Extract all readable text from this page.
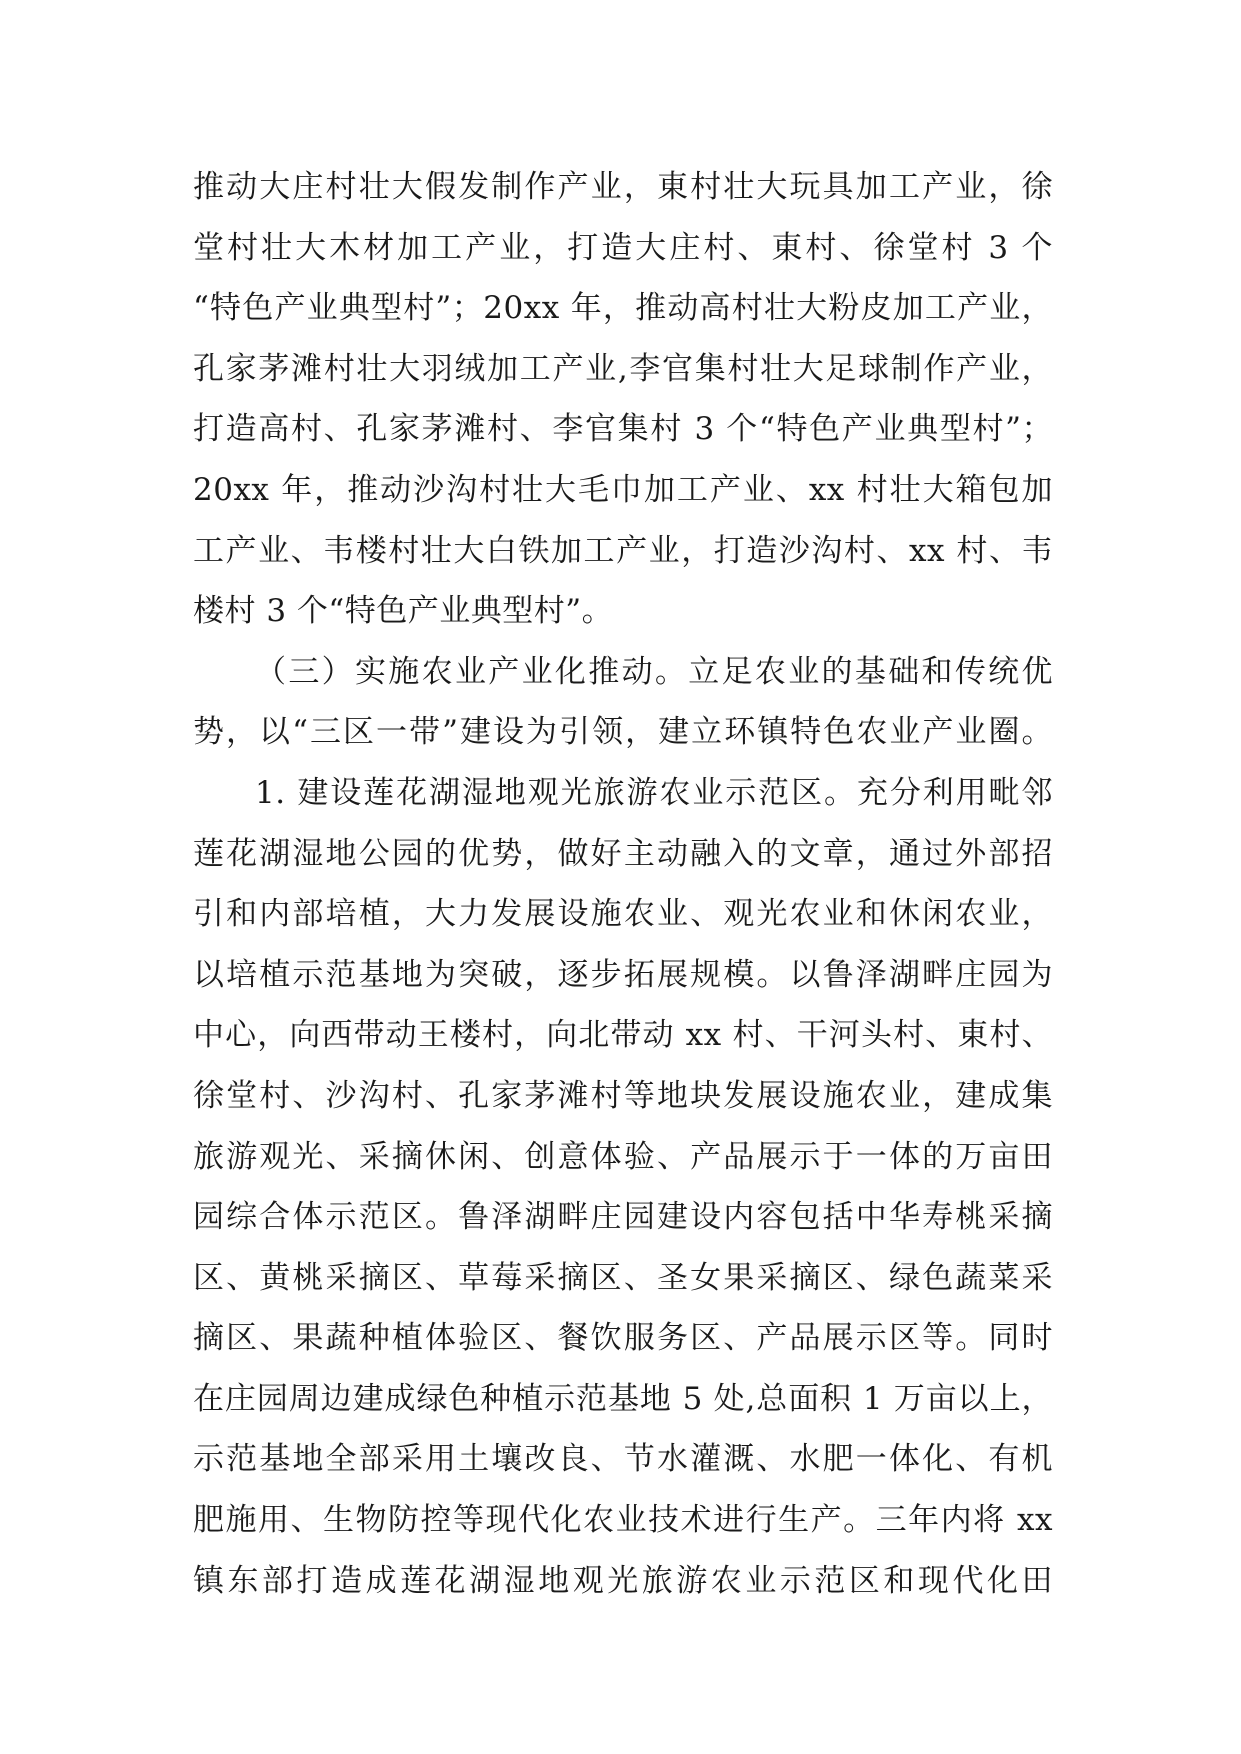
推动大庄村壮大假发制作产业，東村壮大玩具加工产业，徐
堂村壮大木材加工产业，打造大庄村、東村、徐堂村 3 个
“特色产业典型村”；20xx 年，推动高村壮大粉皮加工产业，
孔家茅滩村壮大羽绒加工产业,李官集村壮大足球制作产业，
打造高村、孔家茅滩村、李官集村 3 个“特色产业典型村”；
20xx 年，推动沙沟村壮大毛巾加工产业、xx 村壮大箱包加
工产业、韦楼村壮大白铁加工产业，打造沙沟村、xx 村、韦
楼村 3 个“特色产业典型村”。
（三）实施农业产业化推动。立足农业的基础和传统优
势，以“三区一带”建设为引领，建立环镇特色农业产业圈。
1. 建设莲花湖湿地观光旅游农业示范区。充分利用毗邻
莲花湖湿地公园的优势，做好主动融入的文章，通过外部招
引和内部培植，大力发展设施农业、观光农业和休闲农业，
以培植示范基地为突破，逐步拓展规模。以鲁泽湖畔庄园为
中心，向西带动王楼村，向北带动 xx 村、干河头村、東村、
徐堂村、沙沟村、孔家茅滩村等地块发展设施农业，建成集
旅游观光、采摘休闲、创意体验、产品展示于一体的万亩田
园综合体示范区。鲁泽湖畔庄园建设内容包括中华寿桃采摘
区、黄桃采摘区、草莓采摘区、圣女果采摘区、绿色蔬菜采
摘区、果蔬种植体验区、餐饮服务区、产品展示区等。同时
在庄园周边建成绿色种植示范基地 5 处,总面积 1 万亩以上，
示范基地全部采用土壤改良、节水灌溉、水肥一体化、有机
肥施用、生物防控等现代化农业技术进行生产。三年内将 xx
镇东部打造成莲花湖湿地观光旅游农业示范区和现代化田
